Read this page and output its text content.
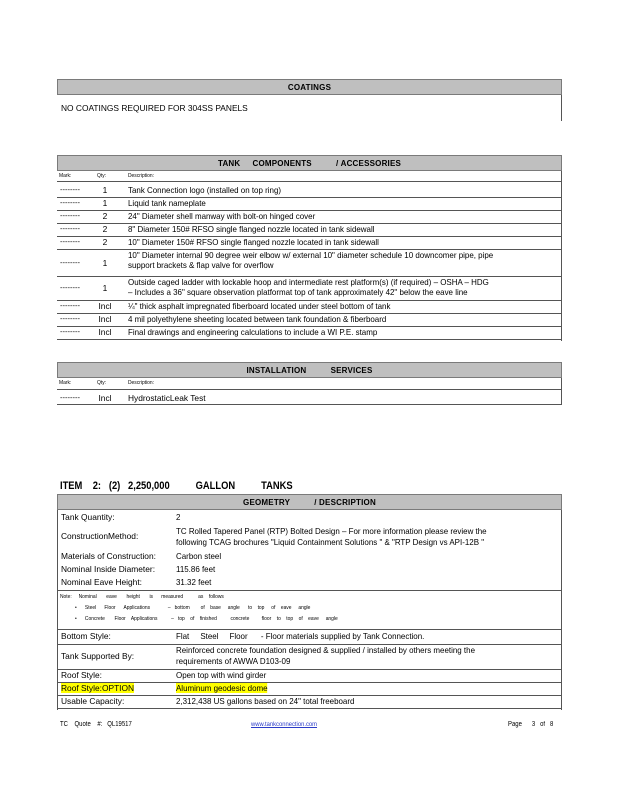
COATINGS
NO COATINGS REQUIRED FOR 304SS PANELS
TANK     COMPONENTS          / ACCESSORIES
Mark:	Qty:	Description:
--------	1	Tank Connection logo (installed on top ring)
--------	1	Liquid tank nameplate
--------	2	24" Diameter shell manway with bolt-on hinged cover
--------	2	8" Diameter 150# RFSO single flanged nozzle located in tank sidewall
--------	2	10" Diameter 150# RFSO single flanged nozzle located in tank sidewall
--------	1
10" Diameter internal 90 degree weir elbow w/ external 10" diameter schedule 10 downcomer pipe, pipe
support brackets & flap valve for overflow
--------	1
Outside caged ladder with lockable hoop and intermediate rest platform(s) (if required) – OSHA – HDG
– Includes a 36" square observation platformat top of tank approximately 42" below the eave line
--------	Incl	¼" thick asphalt impregnated fiberboard located under steel bottom of tank
--------	Incl	4 mil polyethylene sheeting located between tank foundation & fiberboard
--------	Incl	Final drawings and engineering calculations to include a WI P.E. stamp
INSTALLATION          SERVICES
Mark:	Qty:	Description:
--------	Incl	HydrostaticLeak Test
ITEM    2:   (2)   2,250,000          GALLON          TANKS
GEOMETRY          / DESCRIPTION
Tank Quantity:	2
ConstructionMethod:	TC Rolled Tapered Panel (RTP) Bolted Design – For more information please review the
following TCAG brochures "Liquid Containment Solutions " & "RTP Design vs API-12B "
Materials of Construction: Carbon steel
Nominal Inside Diameter: 115.86 feet
Nominal Eave Height:	31.32 feet
Note:     Nominal       eave       height       is      measured           as    follows
•      Steel      Floor      Applications             –   bottom        of    base     angle      to    top     of    eave     angle
•      Concrete       Floor    Applications          –   top    of    finished          concrete         floor    to    top    of    eave     angle
Bottom Style:	Flat     Steel     Floor      - Floor materials supplied by Tank Connection.
Tank Supported By:
Reinforced concrete foundation designed & supplied / installed by others meeting the
requirements of AWWA D103-09
Roof Style:	Open top with wind girder
Roof Style:OPTION	Aluminum geodesic dome
Usable Capacity:	2,312,438 US gallons based on 24" total freeboard
TC    Quote    #:   QL19517	www.tankconnection.com	Page      3   of   8
